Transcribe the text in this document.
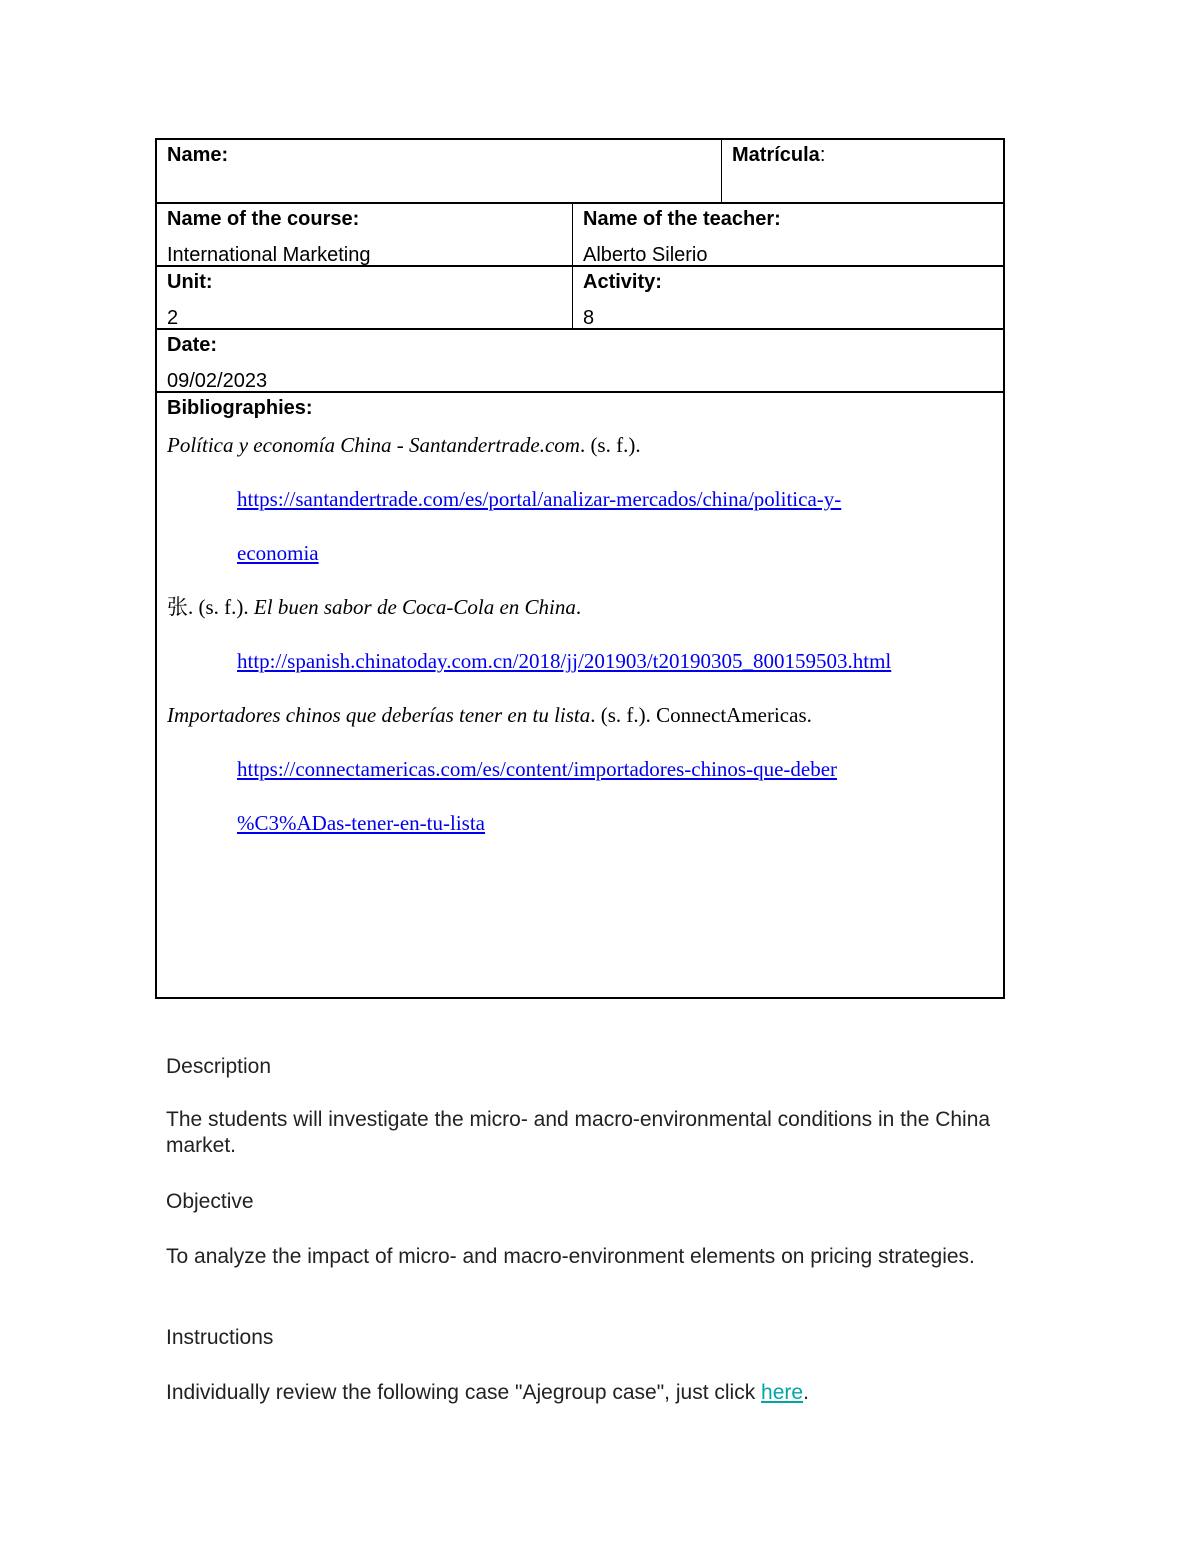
Name:	Matrícula:
Name of the course:
International Marketing
Name of the teacher:
Alberto Silerio
Unit:
2
Activity:
8
Date:
09/02/2023
Bibliographies:

Política y economía China - Santandertrade.com. (s. f.).

https://santandertrade.com/es/portal/analizar-mercados/china/politica-y-

economia

张. (s. f.). El buen sabor de Coca-Cola en China.

http://spanish.chinatoday.com.cn/2018/jj/201903/t20190305_800159503.html

Importadores chinos que deberías tener en tu lista. (s. f.). ConnectAmericas.

https://connectamericas.com/es/content/importadores-chinos-que-deber

%C3%ADas-tener-en-tu-lista

Description
The students will investigate the micro- and macro-environmental conditions in the China market.
Objective
To analyze the impact of micro- and macro-environment elements on pricing strategies.
Instructions
Individually review the following case "Ajegroup case", just click here.
